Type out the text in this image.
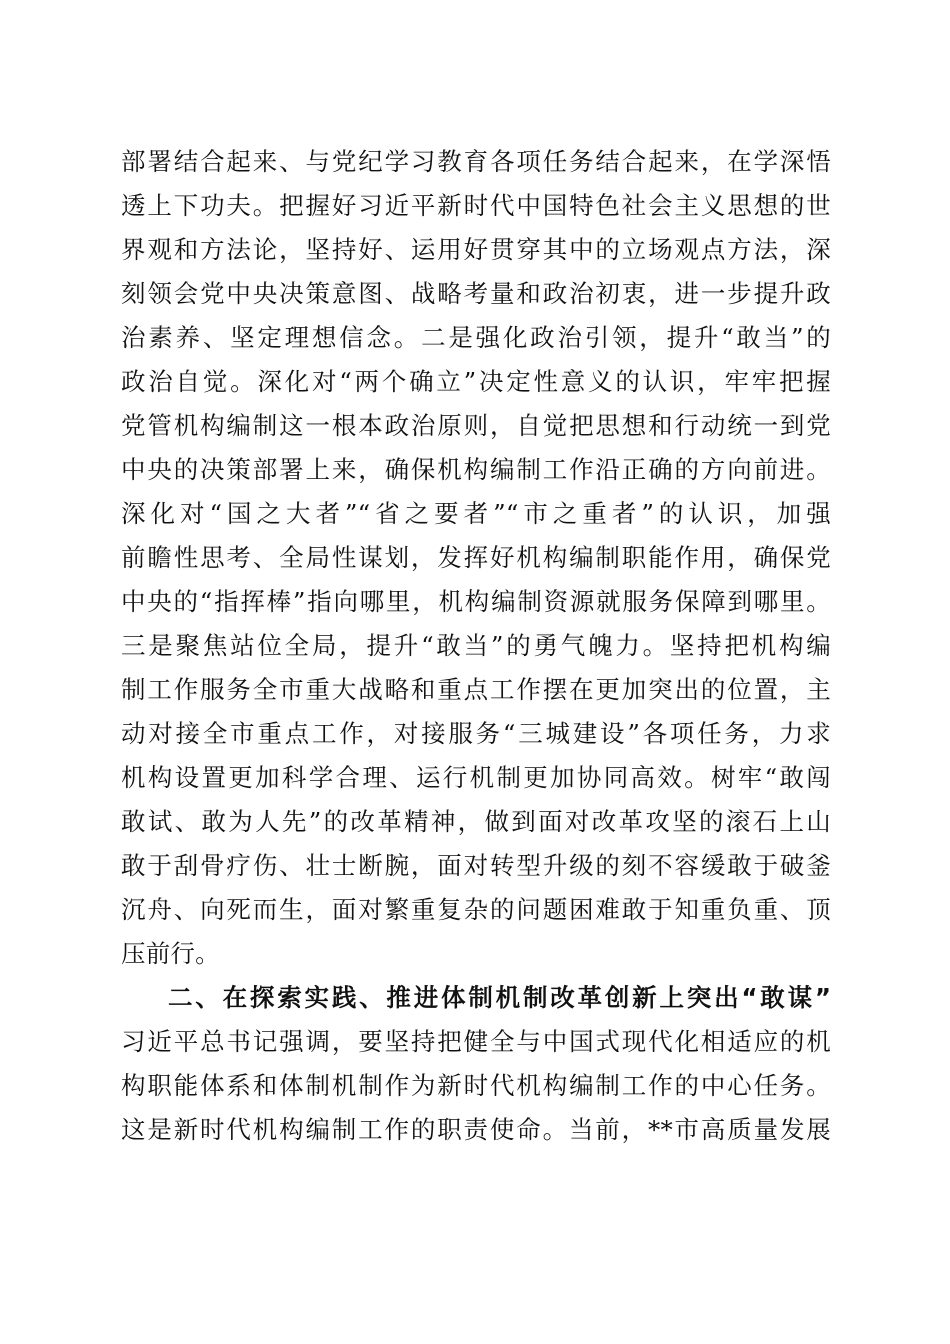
部署结合起来、与党纪学习教育各项任务结合起来，在学深悟
透上下功夫。把握好习近平新时代中国特色社会主义思想的世
界观和方法论，坚持好、运用好贯穿其中的立场观点方法，深
刻领会党中央决策意图、战略考量和政治初衷，进一步提升政
治素养、坚定理想信念。二是强化政治引领，提升“敢当”的
政治自觉。深化对“两个确立”决定性意义的认识，牢牢把握
党管机构编制这一根本政治原则，自觉把思想和行动统一到党
中央的决策部署上来，确保机构编制工作沿正确的方向前进。
深化对“国之大者”“省之要者”“市之重者”的认识，加强
前瞻性思考、全局性谋划，发挥好机构编制职能作用，确保党
中央的“指挥棒”指向哪里，机构编制资源就服务保障到哪里。
三是聚焦站位全局，提升“敢当”的勇气魄力。坚持把机构编
制工作服务全市重大战略和重点工作摆在更加突出的位置，主
动对接全市重点工作，对接服务“三城建设”各项任务，力求
机构设置更加科学合理、运行机制更加协同高效。树牢“敢闯
敢试、敢为人先”的改革精神，做到面对改革攻坚的滚石上山
敢于刮骨疗伤、壮士断腕，面对转型升级的刻不容缓敢于破釜
沉舟、向死而生，面对繁重复杂的问题困难敢于知重负重、顶
压前行。
二、在探索实践、推进体制机制改革创新上突出“敢谋”
习近平总书记强调，要坚持把健全与中国式现代化相适应的机
构职能体系和体制机制作为新时代机构编制工作的中心任务。
这是新时代机构编制工作的职责使命。当前，**市高质量发展
